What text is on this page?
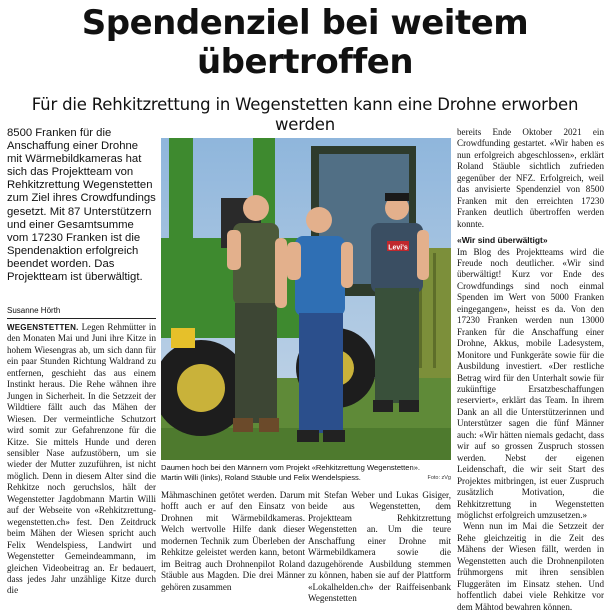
Spendenziel bei weitem
übertroffen
Für die Rehkitzrettung in Wegenstetten kann eine Drohne erworben werden

8500 Franken für die Anschaffung einer Drohne mit Wärmebildkameras hat sich das Projektteam von Rehkitzrettung Wegenstetten zum Ziel ihres Crowdfundings gesetzt. Mit 87 Unterstützern und einer Gesamtsumme vom 17230 Franken ist die Spendenaktion erfolgreich beendet worden. Das Projektteam ist überwältigt.

Susanne Hörth

WEGENSTETTEN. Legen Rehmütter in den Monaten Mai und Juni ihre Kitze in hohem Wiesengras ab, um sich dann für ein paar Stunden Richtung Waldrand zu entfernen, geschieht das aus einem Instinkt heraus. Die Rehe wähnen ihre Jungen in Sicherheit. In die Setzzeit der Wildtiere fällt auch das Mähen der Wiesen. Der vermeintliche Schutzort wird somit zur Gefahrenzone für die Kitze. Sie mittels Hunde und deren sensibler Nase aufzustöbern, um sie wieder der Mutter zuzuführen, ist nicht möglich. Denn in diesem Alter sind die Rehkitze noch geruchslos, hält der Wegenstetter Jagdobmann Martin Willi auf der Webseite von «Rehkitzrettung-wegenstetten.ch» fest. Den Zeitdruck beim Mähen der Wiesen spricht auch Felix Wendelspiess, Landwirt und Wegenstetter Gemeindeammann, im gleichen Videobeitrag an. Er bedauert, dass jedes Jahr unzählige Kitze durch die

Levi's
Daumen hoch bei den Männern vom Projekt «Rehkitzrettung Wegenstetten».
Martin Willi (links), Roland Stäuble und Felix Wendelspiess.	Foto: zVg

Mähmaschinen getötet werden. Darum hofft auch er auf den Einsatz von Drohnen mit Wärmebildkameras. Welch wertvolle Hilfe dank dieser modernen Technik zum Überleben der Rehkitze geleistet werden kann, betont im Beitrag auch Drohnenpilot Roland Stäuble aus Magden. Die drei Männer gehören zusammen

mit Stefan Weber und Lukas Gisiger, beide aus Wegenstetten, dem Projektteam Rehkitzrettung Wegenstetten an. Um die teure Anschaffung einer Drohne mit Wärmebildkamera sowie die dazugehörende Ausbildung stemmen zu können, haben sie auf der Plattform «Lokalhelden.ch» der Raiffeisenbank Wegenstetten

bereits Ende Oktober 2021 ein Crowdfunding gestartet. «Wir haben es nun erfolgreich abgeschlossen», erklärt Roland Stäuble sichtlich zufrieden gegenüber der NFZ. Erfolgreich, weil das anvisierte Spendenziel von 8500 Franken mit den erreichten 17230 Franken deutlich übertroffen werden konnte.

«Wir sind überwältigt»

Im Blog des Projektteams wird die Freude noch deutlicher. «Wir sind überwältigt! Kurz vor Ende des Crowdfundings sind noch einmal Spenden im Wert von 5000 Franken eingegangen», heisst es da. Von den 17230 Franken werden nun 13000 Franken für die Anschaffung einer Drohne, Akkus, mobile Ladesystem, Monitore und Funkgeräte sowie für die Ausbildung investiert. «Der restliche Betrag wird für den Unterhalt sowie für zukünftige Ersatzbeschaffungen reserviert», erklärt das Team. In ihrem Dank an all die Unterstützerinnen und Unterstützer sagen die fünf Männer auch: «Wir hätten niemals gedacht, dass wir auf so grossen Zuspruch stossen werden. Nebst der eigenen Leidenschaft, die wir seit Start des Projektes mitbringen, ist euer Zuspruch zusätzlich Motivation, die Rehkitzrettung in Wegenstetten möglichst erfolgreich umzusetzen.»

Wenn nun im Mai die Setzzeit der Rehe gleichzeitig in die Zeit des Mähens der Wiesen fällt, werden in Wegenstetten auch die Drohnenpiloten frühmorgens mit ihren sensiblen Fluggeräten im Einsatz stehen. Und hoffentlich dabei viele Rehkitze vor dem Mähtod bewahren können.
